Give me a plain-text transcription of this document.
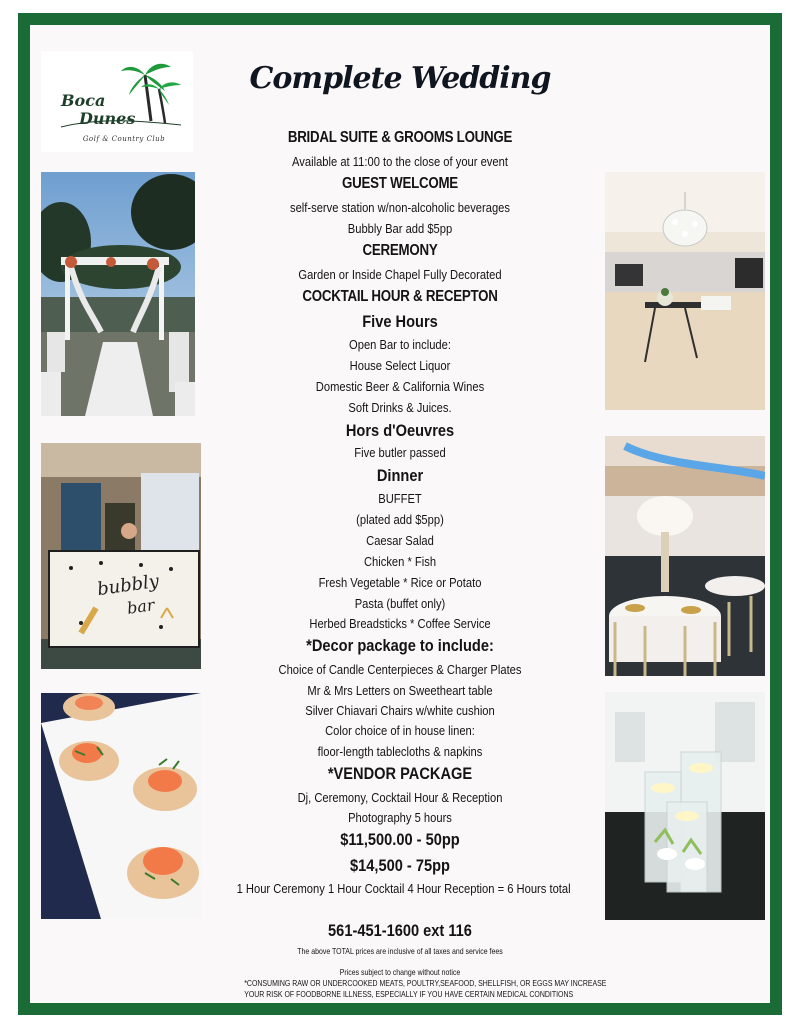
Boca
Dunes
Golf & Country Club
bubbly
bar
Complete Wedding
BRIDAL SUITE & GROOMS LOUNGE
Available at 11:00 to the close of your event
GUEST WELCOME
self-serve station w/non-alcoholic beverages
Bubbly Bar add $5pp
CEREMONY
Garden or Inside Chapel Fully Decorated
COCKTAIL HOUR & RECEPTON
Five Hours
Open Bar to include:
House Select Liquor
Domestic Beer & California Wines
Soft Drinks & Juices.
Hors d'Oeuvres
Five butler passed
Dinner
BUFFET
(plated add $5pp)
Caesar Salad
Chicken * Fish
Fresh Vegetable * Rice or Potato
Pasta (buffet only)
Herbed Breadsticks * Coffee Service
*Decor package to include:
Choice of Candle Centerpieces & Charger Plates
Mr & Mrs Letters on Sweetheart table
Silver Chiavari Chairs w/white cushion
Color choice of in house linen:
floor-length tablecloths & napkins
*VENDOR PACKAGE
Dj, Ceremony, Cocktail Hour & Reception
Photography 5 hours
$11,500.00 - 50pp
$14,500 - 75pp
1 Hour Ceremony 1 Hour Cocktail 4 Hour Reception = 6 Hours total
561-451-1600 ext 116
The above TOTAL prices are inclusive of all taxes and service fees
Prices subject to change without notice
*CONSUMING RAW OR UNDERCOOKED MEATS, POULTRY,SEAFOOD, SHELLFISH, OR EGGS MAY INCREASE
YOUR RISK OF FOODBORNE ILLNESS, ESPECIALLY IF YOU HAVE CERTAIN MEDICAL CONDITIONS
